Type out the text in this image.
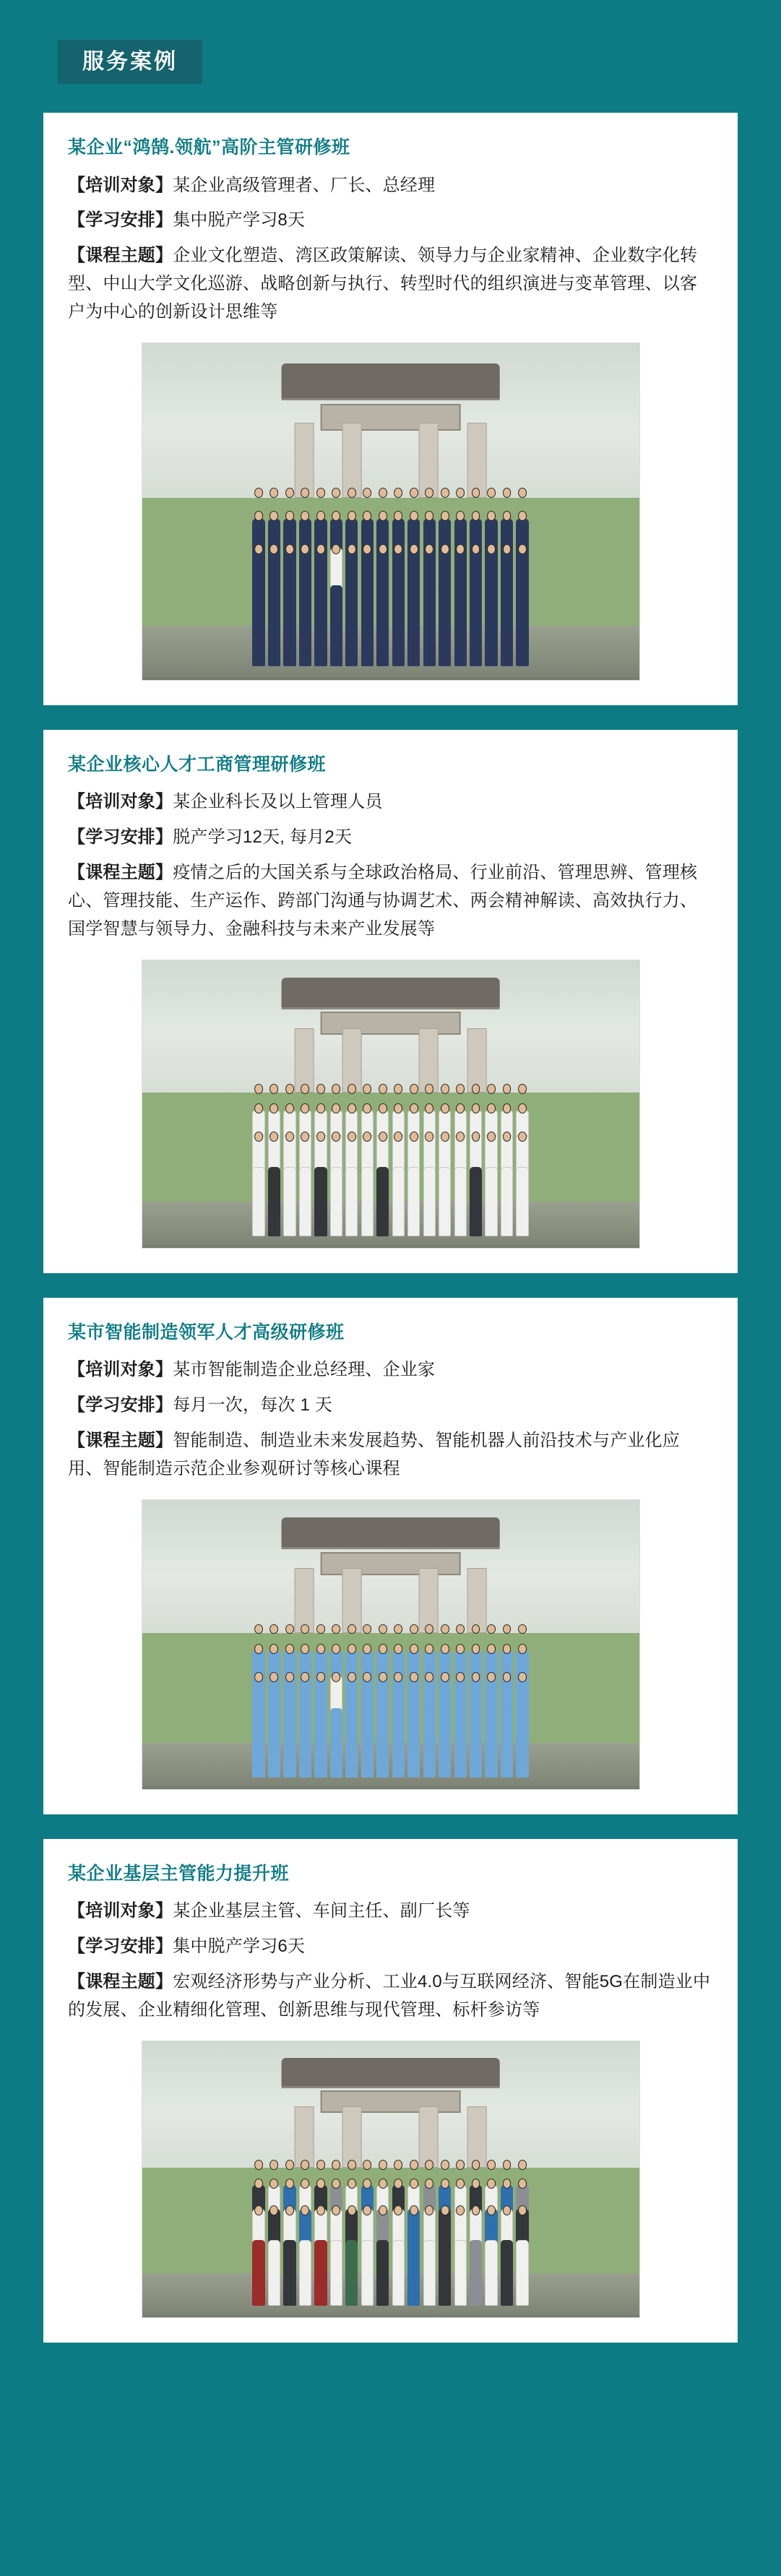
服务案例
某企业“鸿鹄.领航”高阶主管研修班
【培训对象】某企业高级管理者、厂长、总经理
【学习安排】集中脱产学习8天
【课程主题】企业文化塑造、湾区政策解读、领导力与企业家精神、企业数字化转型、中山大学文化巡游、战略创新与执行、转型时代的组织演进与变革管理、以客户为中心的创新设计思维等
某企业核心人才工商管理研修班
【培训对象】某企业科长及以上管理人员
【学习安排】脱产学习12天, 每月2天
【课程主题】疫情之后的大国关系与全球政治格局、行业前沿、管理思辨、管理核心、管理技能、生产运作、跨部门沟通与协调艺术、两会精神解读、高效执行力、国学智慧与领导力、金融科技与未来产业发展等
某市智能制造领军人才高级研修班
【培训对象】某市智能制造企业总经理、企业家
【学习安排】每月一次，每次 1 天
【课程主题】智能制造、制造业未来发展趋势、智能机器人前沿技术与产业化应用、智能制造示范企业参观研讨等核心课程
某企业基层主管能力提升班
【培训对象】某企业基层主管、车间主任、副厂长等
【学习安排】集中脱产学习6天
【课程主题】宏观经济形势与产业分析、工业4.0与互联网经济、智能5G在制造业中的发展、企业精细化管理、创新思维与现代管理、标杆参访等
